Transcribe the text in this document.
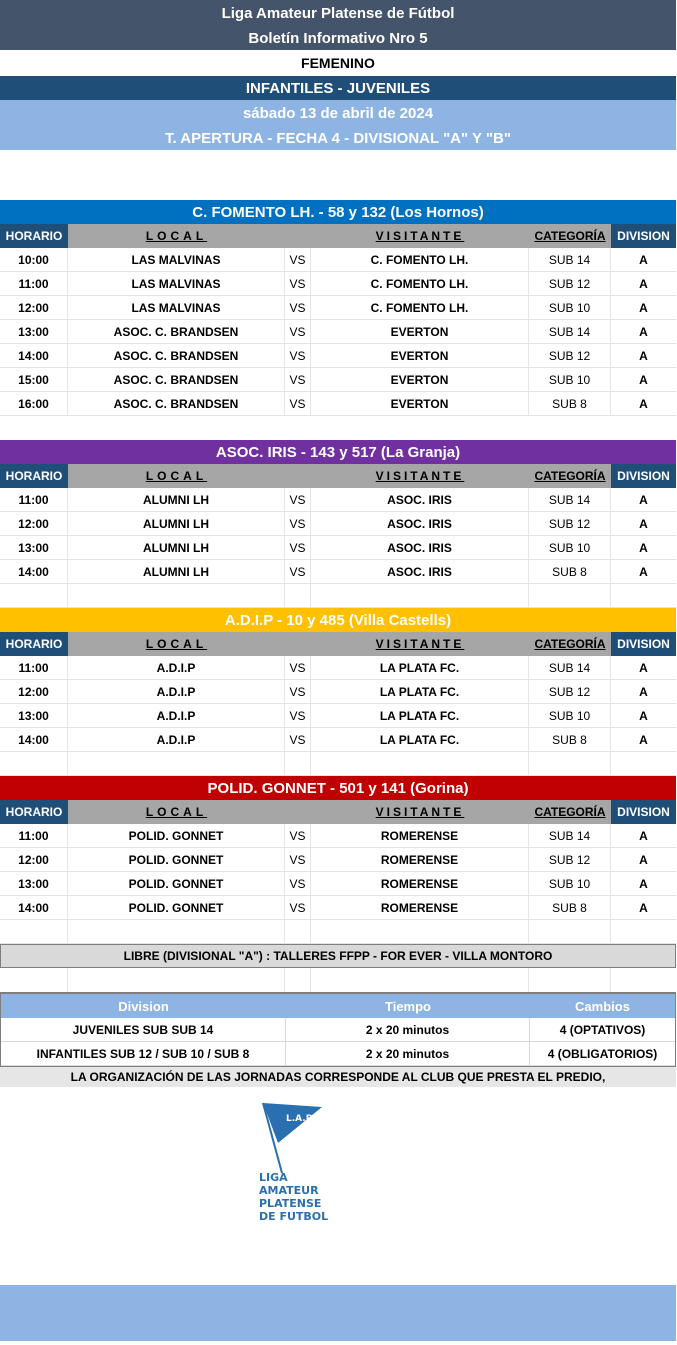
Liga Amateur Platense de Fútbol
Boletín Informativo Nro 5
FEMENINO
INFANTILES - JUVENILES
sábado 13 de abril de 2024
T. APERTURA - FECHA 4 - DIVISIONAL "A" Y "B"
C. FOMENTO LH. - 58 y 132 (Los Hornos)
HORARIO	LOCAL	VISITANTE	CATEGORÍA DIVISION
10:00	LAS MALVINAS	VS	C. FOMENTO LH.	SUB 14	A
11:00	LAS MALVINAS	VS	C. FOMENTO LH.	SUB 12	A
12:00	LAS MALVINAS	VS	C. FOMENTO LH.	SUB 10	A
13:00	ASOC. C. BRANDSEN	VS	EVERTON	SUB 14	A
14:00	ASOC. C. BRANDSEN	VS	EVERTON	SUB 12	A
15:00	ASOC. C. BRANDSEN	VS	EVERTON	SUB 10	A
16:00	ASOC. C. BRANDSEN	VS	EVERTON	SUB 8	A
ASOC. IRIS - 143 y 517 (La Granja)
HORARIO	LOCAL	VISITANTE	CATEGORÍA DIVISION
11:00	ALUMNI LH	VS	ASOC. IRIS	SUB 14	A
12:00	ALUMNI LH	VS	ASOC. IRIS	SUB 12	A
13:00	ALUMNI LH	VS	ASOC. IRIS	SUB 10	A
14:00	ALUMNI LH	VS	ASOC. IRIS	SUB 8	A
A.D.I.P - 10 y 485 (Villa Castells)
HORARIO	LOCAL	VISITANTE	CATEGORÍA DIVISION
11:00	A.D.I.P	VS	LA PLATA FC.	SUB 14	A
12:00	A.D.I.P	VS	LA PLATA FC.	SUB 12	A
13:00	A.D.I.P	VS	LA PLATA FC.	SUB 10	A
14:00	A.D.I.P	VS	LA PLATA FC.	SUB 8	A
POLID. GONNET - 501 y 141 (Gorina)
HORARIO	LOCAL	VISITANTE	CATEGORÍA DIVISION
11:00	POLID. GONNET	VS	ROMERENSE	SUB 14	A
12:00	POLID. GONNET	VS	ROMERENSE	SUB 12	A
13:00	POLID. GONNET	VS	ROMERENSE	SUB 10	A
14:00	POLID. GONNET	VS	ROMERENSE	SUB 8	A
LIBRE (DIVISIONAL "A") : TALLERES FFPP - FOR EVER - VILLA MONTORO
Division	Tiempo	Cambios
JUVENILES SUB SUB 14	2 x 20 minutos	4 (OPTATIVOS)
INFANTILES SUB 12 / SUB 10 / SUB 8	2 x 20 minutos	4 (OBLIGATORIOS)
LA ORGANIZACIÓN DE LAS JORNADAS CORRESPONDE AL CLUB QUE PRESTA EL PREDIO,
L.A.P.
LIGA
AMATEUR
PLATENSE
DE FUTBOL
